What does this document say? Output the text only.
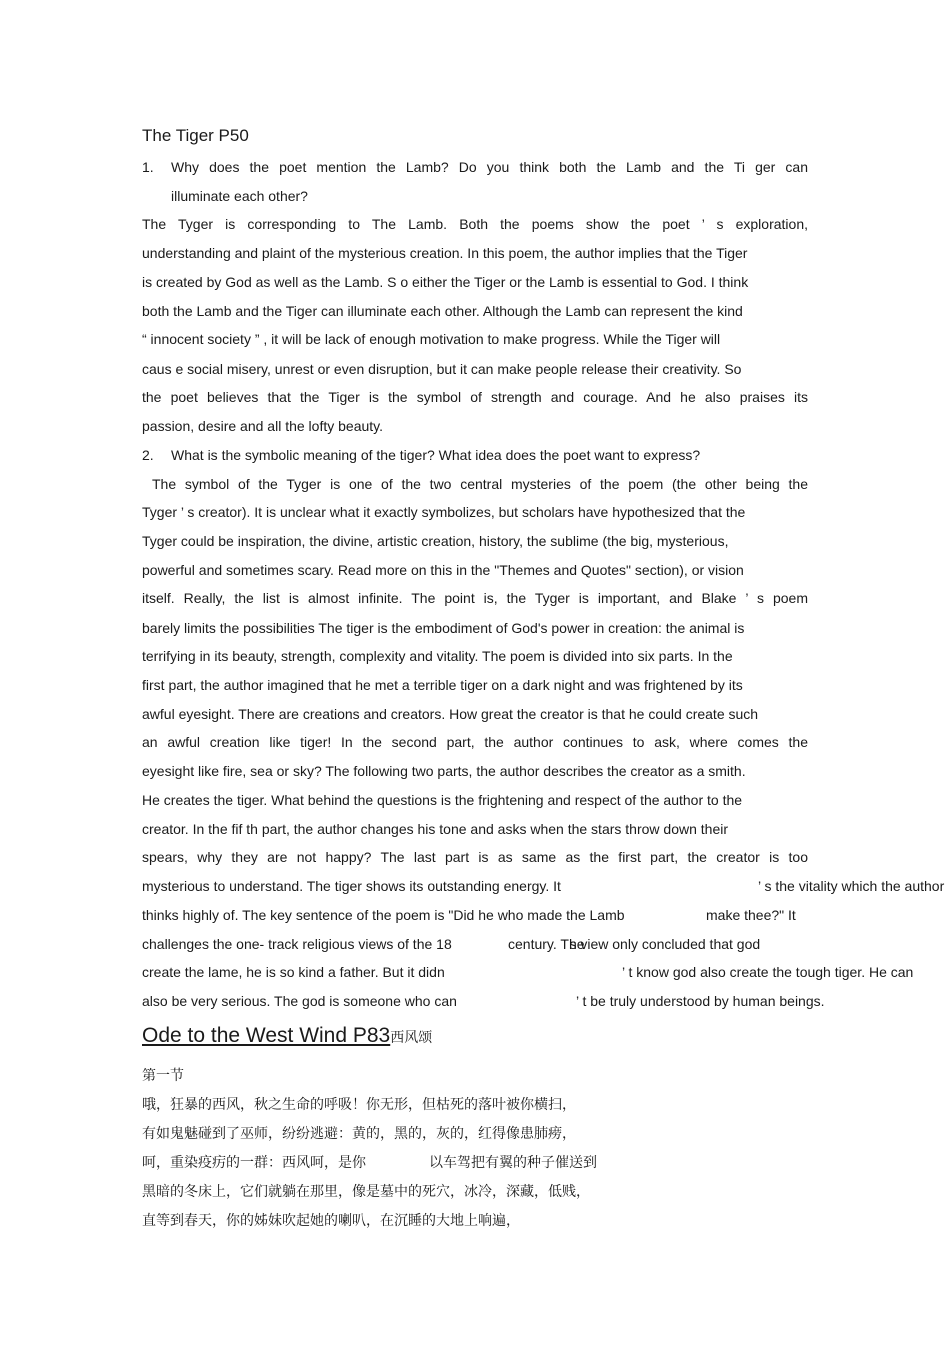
The Tiger P50
1. Why does the poet mention the Lamb? Do you think both the Lamb and the Ti ger can
illuminate each other?
The Tyger is corresponding to The Lamb. Both the poems show the poet ’ s exploration,
understanding and plaint of the mysterious creation. In this poem, the author implies that the Tiger
is created by God as well as the Lamb. S o either the Tiger or the Lamb is essential to God. I think
both the Lamb and the Tiger can illuminate each other. Although the Lamb can represent the kind
“ innocent society ” , it will be lack of enough motivation to make progress. While the Tiger will
caus e social misery, unrest or even disruption, but it can make people release their creativity. So
the poet believes that the Tiger is the symbol of strength and courage. And he also praises its
passion, desire and all the lofty beauty.
2. What is the symbolic meaning of the tiger? What idea does the poet want to express?
The symbol of the Tyger is one of the two central mysteries of the poem (the other being the
Tyger ’ s creator). It is unclear what it exactly symbolizes, but scholars have hypothesized that the
Tyger could be inspiration, the divine, artistic creation, history, the sublime (the big, mysterious,
powerful and sometimes scary. Read more on this in the "Themes and Quotes" section), or vision
itself. Really, the list is almost infinite. The point is, the Tyger is important, and Blake ’ s poem
barely limits the possibilities The tiger is the embodiment of God's power in creation: the animal is
terrifying in its beauty, strength, complexity and vitality. The poem is divided into six parts. In the
first part, the author imagined that he met a terrible tiger on a dark night and was frightened by its
awful eyesight. There are creations and creators. How great the creator is that he could create such
an awful creation like tiger! In the second part, the author continues to ask, where comes the
eyesight like fire, sea or sky? The following two parts, the author describes the creator as a smith.
He creates the tiger. What behind the questions is the frightening and respect of the author to the
creator. In the fif th part, the author changes his tone and asks when the stars throw down their
spears, why they are not happy? The last part is as same as the first part, the creator is too
mysterious to understand. The tiger shows its outstanding energy. It	’ s the vitality which the author
thinks highly of. The key sentence of the poem is "Did he who made the Lamb	make thee?" It
challenges the one- track religious views of the 18	century. The
’ s view only concluded that god
create the lame, he is so kind a father. But it didn	’ t know god also create the tough tiger. He can
also be very serious. The god is someone who can	’ t be truly understood by human beings.
Ode to the West Wind P83西风颂
第一节
哦，狂暴的西风，秋之生命的呼吸！你无形，但枯死的落叶被你横扫，
有如鬼魅碰到了巫师，纷纷逃避：黄的，黑的，灰的，红得像患肺痨，
呵，重染疫疠的一群：西风呵，是你	以车驾把有翼的种子催送到
黑暗的冬床上，它们就躺在那里，像是墓中的死穴，冰冷，深藏，低贱，
直等到春天，你的姊妹吹起她的喇叭，在沉睡的大地上响遍，
